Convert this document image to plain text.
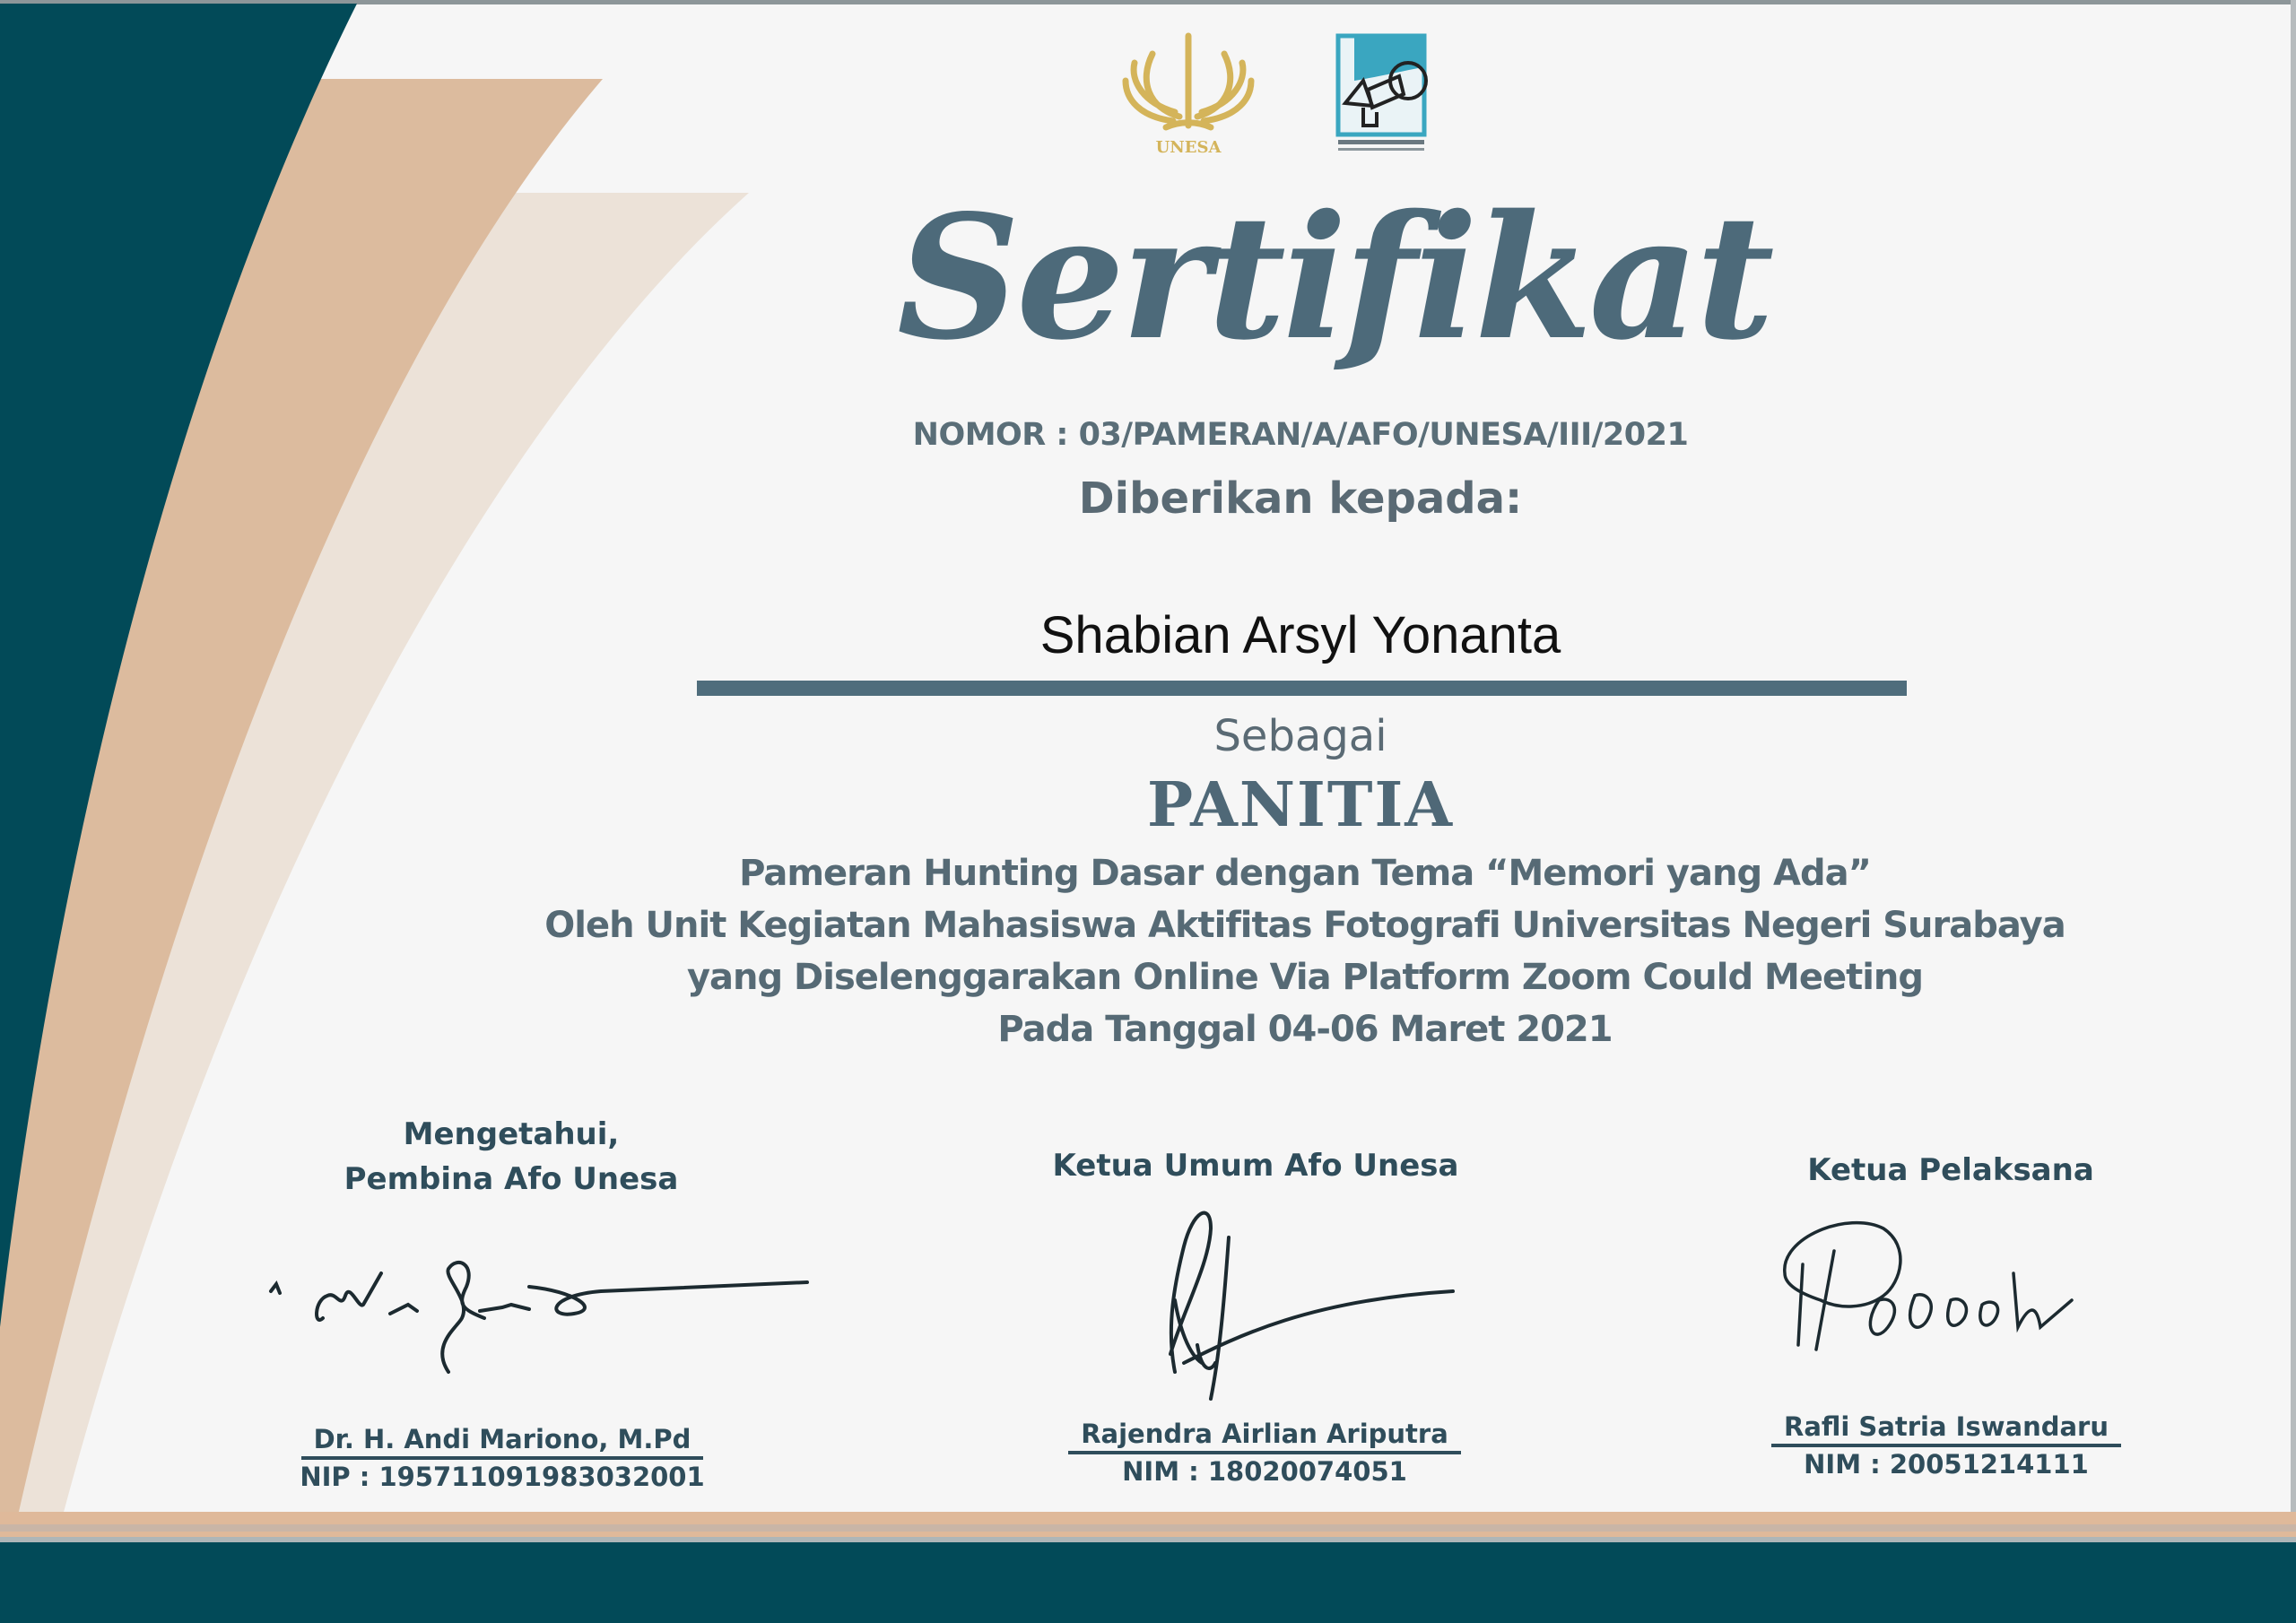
UNESA
Sertifikat
NOMOR : 03/PAMERAN/A/AFO/UNESA/III/2021
Diberikan kepada:
Shabian Arsyl Yonanta
Sebagai
PANITIA
Pameran Hunting Dasar dengan Tema “Memori yang Ada”
Oleh Unit Kegiatan Mahasiswa Aktifitas Fotografi Universitas Negeri Surabaya
yang Diselenggarakan Online Via Platform Zoom Could Meeting
Pada Tanggal 04-06 Maret 2021
Mengetahui,
Pembina Afo Unesa
Dr. H. Andi Mariono, M.Pd
NIP : 195711091983032001
Ketua Umum Afo Unesa
Rajendra Airlian Ariputra
NIM : 18020074051
Ketua Pelaksana
Rafli Satria Iswandaru
NIM : 20051214111
